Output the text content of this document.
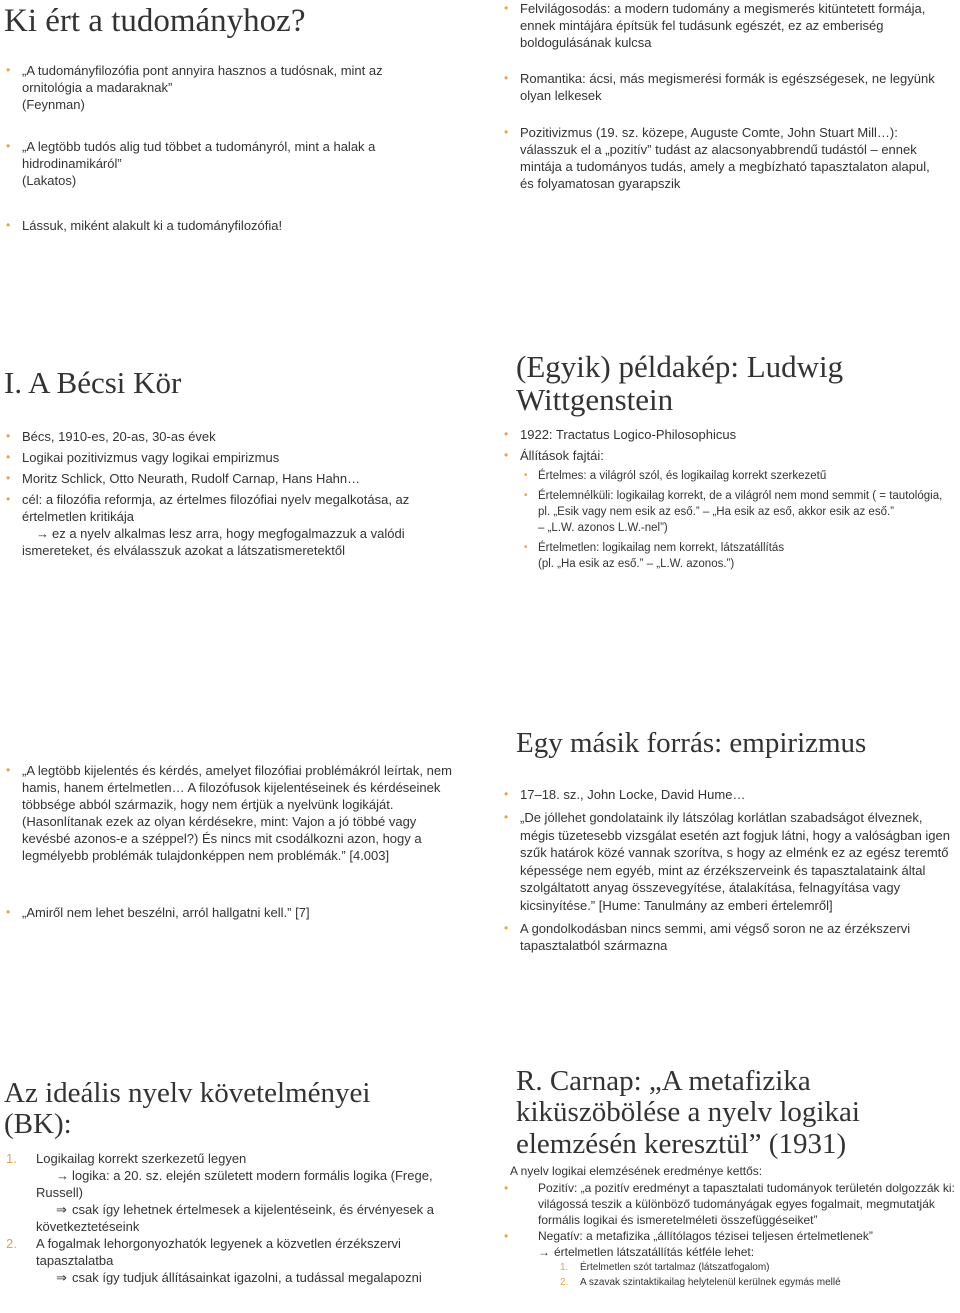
Ki ért a tudományhoz?

• „A tudományfilozófia pont annyira hasznos a tudósnak, mint az ornitológia a madaraknak”
(Feynman)

• „A legtöbb tudós alig tud többet a tudományról, mint a halak a hidrodinamikáról”
(Lakatos)

• Lássuk, miként alakult ki a tudományfilozófia!

• Felvilágosodás: a modern tudomány a megismerés kitüntetett formája, ennek mintájára építsük fel tudásunk egészét, ez az emberiség boldogulásának kulcsa

• Romantika: ácsi, más megismerési formák is egészségesek, ne legyünk olyan lelkesek

• Pozitivizmus (19. sz. közepe, Auguste Comte, John Stuart Mill…): válasszuk el a „pozitív” tudást az alacsonyabbrendű tudástól – ennek mintája a tudományos tudás, amely a megbízható tapasztalaton alapul, és folyamatosan gyarapszik

I. A Bécsi Kör

• Bécs, 1910-es, 20-as, 30-as évek

• Logikai pozitivizmus vagy logikai empirizmus

• Moritz Schlick, Otto Neurath, Rudolf Carnap, Hans Hahn…

• cél: a filozófia reformja, az értelmes filozófiai nyelv megalkotása, az értelmetlen kritikája
→ ez a nyelv alkalmas lesz arra, hogy megfogalmazzuk a valódi ismereteket, és elválasszuk azokat a látszatismeretektől

(Egyik) példakép: Ludwig
Wittgenstein

• 1922: Tractatus Logico-Philosophicus

• Állítások fajtái:

• Értelmes: a világról szól, és logikailag korrekt szerkezetű

• Értelemnélküli: logikailag korrekt, de a világról nem mond semmit ( = tautológia, pl. „Esik vagy nem esik az eső.” – „Ha esik az eső, akkor esik az eső.”
– „L.W. azonos L.W.-nel”)

• Értelmetlen: logikailag nem korrekt, látszatállítás
(pl. „Ha esik az eső.” – „L.W. azonos.”)

• „A legtöbb kijelentés és kérdés, amelyet filozófiai problémákról leírtak, nem hamis, hanem értelmetlen… A filozófusok kijelentéseinek és kérdéseinek többsége abból származik, hogy nem értjük a nyelvünk logikáját. (Hasonlítanak ezek az olyan kérdésekre, mint: Vajon a jó többé vagy kevésbé azonos-e a széppel?) És nincs mit csodálkozni azon, hogy a legmélyebb problémák tulajdonképpen nem problémák.” [4.003]

• „Amiről nem lehet beszélni, arról hallgatni kell.” [7]

Egy másik forrás: empirizmus

• 17–18. sz., John Locke, David Hume…

• „De jóllehet gondolataink ily látszólag korlátlan szabadságot élveznek, mégis tüzetesebb vizsgálat esetén azt fogjuk látni, hogy a valóságban igen szűk határok közé vannak szorítva, s hogy az elménk ez az egész teremtő képessége nem egyéb, mint az érzékszerveink és tapasztalataink által szolgáltatott anyag összevegyítése, átalakítása, felnagyítása vagy kicsinyítése.” [Hume: Tanulmány az emberi értelemről]

• A gondolkodásban nincs semmi, ami végső soron ne az érzékszervi tapasztalatból származna

Az ideális nyelv követelményei (BK):

1. Logikailag korrekt szerkezetű legyen

→ logika: a 20. sz. elején született modern formális logika (Frege, Russell)

⇒ csak így lehetnek értelmesek a kijelentéseink, és érvényesek a következtetéseink

2. A fogalmak lehorgonyozhatók legyenek a közvetlen érzékszervi tapasztalatba

⇒ csak így tudjuk állításainkat igazolni, a tudással megalapozni

R. Carnap: „A metafizika kiküszöbölése a nyelv logikai elemzésén keresztül” (1931)

A nyelv logikai elemzésének eredménye kettős:

• Pozitív: „a pozitív eredményt a tapasztalati tudományok területén dolgozzák ki: világossá teszik a különböző tudományágak egyes fogalmait, megmutatják formális logikai és ismeretelméleti összefüggéseiket”

• Negatív: a metafizika „állítólagos tézisei teljesen értelmetlenek”
→ értelmetlen látszatállítás kétféle lehet:

1. Értelmetlen szót tartalmaz (látszatfogalom)

2. A szavak szintaktikailag helytelenül kerülnek egymás mellé
